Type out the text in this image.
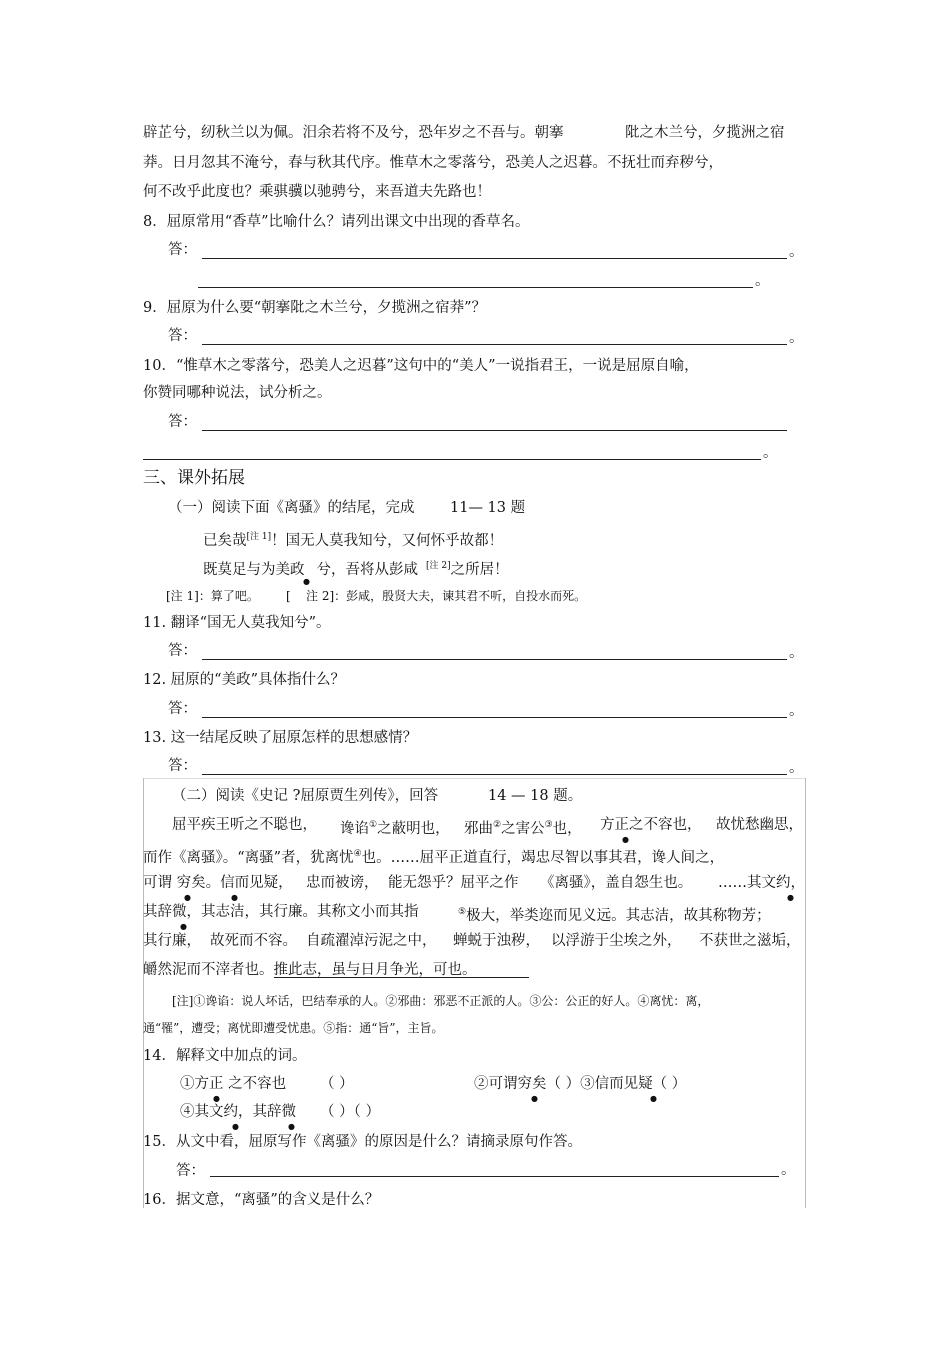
辟芷兮，纫秋兰以为佩。汨余若将不及兮，恐年岁之不吾与。朝搴	阰之木兰兮，夕揽洲之宿
莽。日月忽其不淹兮，春与秋其代序。惟草木之零落兮，恐美人之迟暮。不抚壮而弃秽兮，
何不改乎此度也？乘骐骥以驰骋兮，来吾道夫先路也！
8．屈原常用“香草”比喻什么？请列出课文中出现的香草名。
答：	。
。
9．屈原为什么要“朝搴阰之木兰兮，夕揽洲之宿莽”？
答：	。
10．“惟草木之零落兮，恐美人之迟暮”这句中的“美人”一说指君王，一说是屈原自喻，
你赞同哪种说法，试分析之。
答：
。
三、课外拓展
（一）阅读下面《离骚》的结尾，完成 11— 13 题
已矣哉[注 1]！国无人莫我知兮，又何怀乎故都！
既莫足与为美政 兮，吾将从彭咸 [注 2]之所居！
●
[注 1]：算了吧。 [ 注 2]：彭咸，殷贤大夫，谏其君不听，自投水而死。
11. 翻译“国无人莫我知兮”。
答：	。
12. 屈原的“美政”具体指什么？
答：	。
13. 这一结尾反映了屈原怎样的思想感情？
答：	。
（二）阅读《史记 ?屈原贾生列传》，回答	14 — 18 题。
屈平疾王听之不聪也， 谗谄①之蔽明也， 邪曲②之害公③也， 方正之不容也，
●
故忧愁幽思，
而作《离骚》。“离骚”者，犹离忧④也。……屈平正道直行，竭忠尽智以事其君，谗人间之，
可谓 穷矣。信而见疑，
●	●
忠而被谤， 能无怨乎？屈平之作 《离骚》，盖自怨生也。 ……其文约，
●
其辞微，其志洁，其行廉。其称文小而其指
●
⑤极大，举类迩而见义远。其志洁，故其称物芳；
其行廉， 故死而不容。 自疏濯淖污泥之中， 蝉蜕于浊秽， 以浮游于尘埃之外， 不获世之滋垢，
皭然泥而不滓者也。推此志，虽与日月争光，可也。
[注]①谗谄：说人坏话，巴结奉承的人。②邪曲：邪恶不正派的人。③公：公正的好人。④离忧：离，
通“罹”，遭受；离忧即遭受忧患。⑤指：通“旨”，主旨。
14．解释文中加点的词。
①方正 之不容也
●
（ ）	②可谓穷矣（ ）③信而见疑（ ）
●	●
④其文约，其辞微
●	●
（ ）（ ）
15．从文中看，屈原写作《离骚》的原因是什么？请摘录原句作答。
答：	。
16．据文意，“离骚”的含义是什么？
